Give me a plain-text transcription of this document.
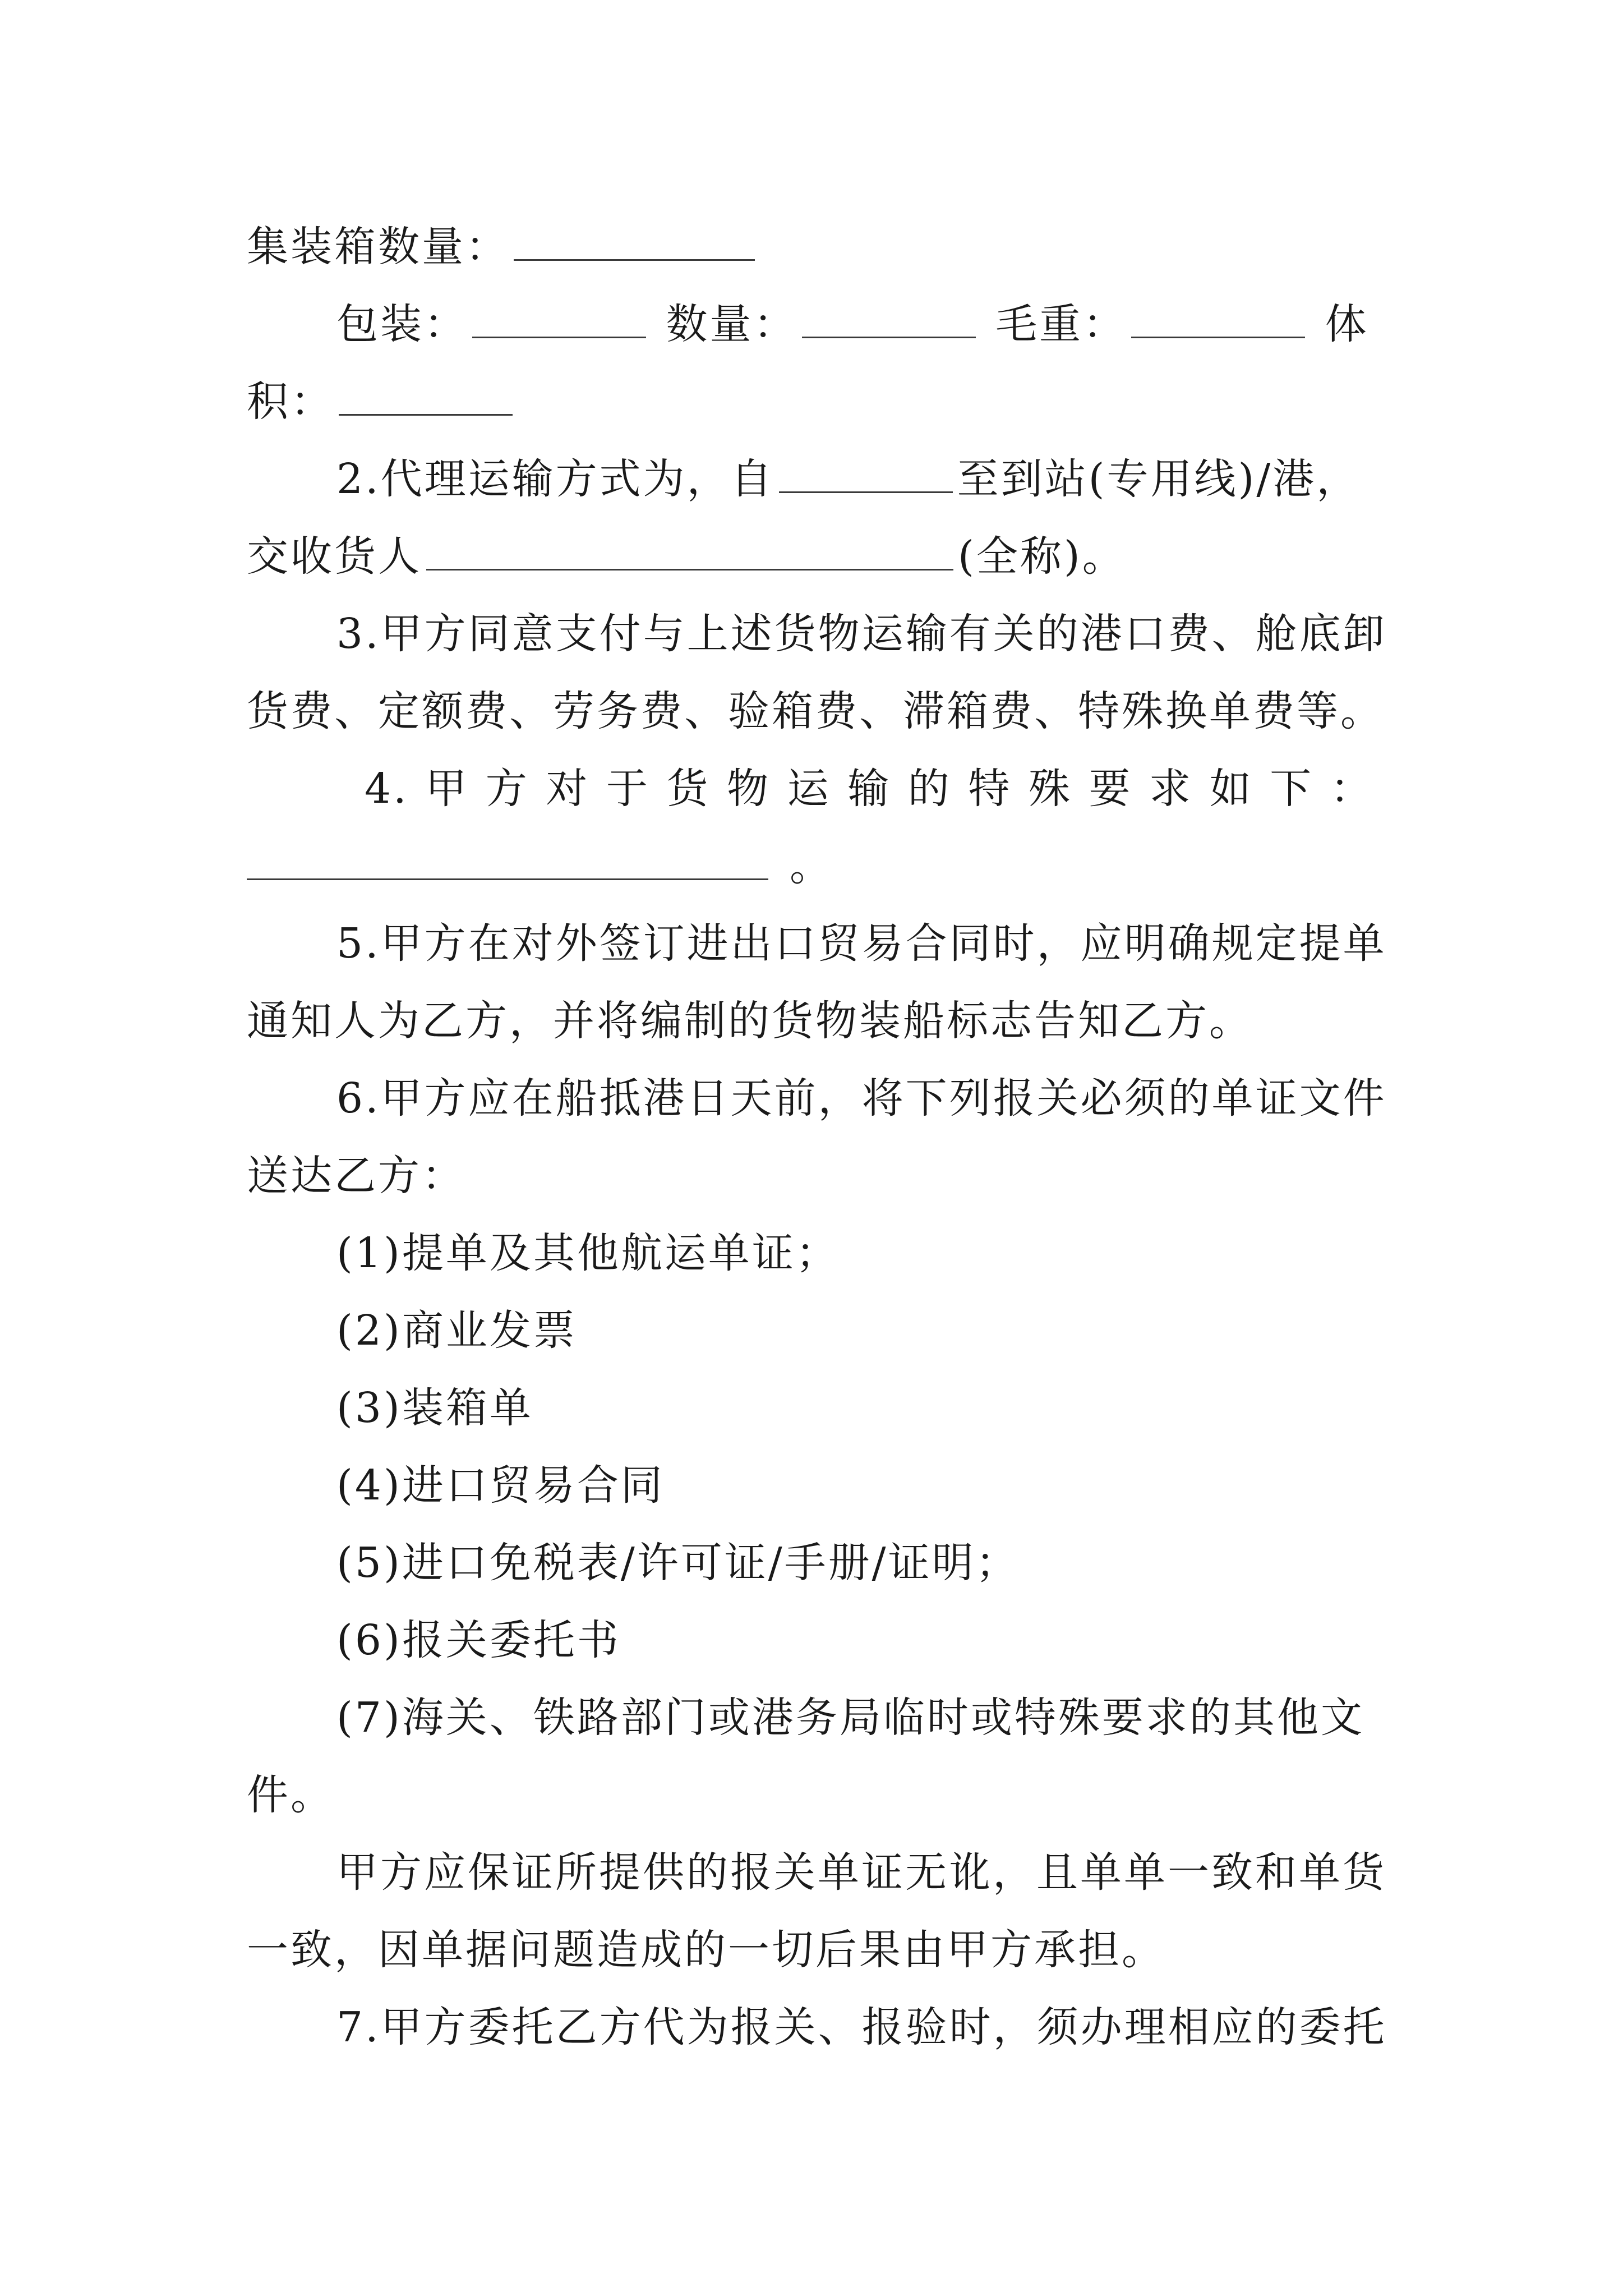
集装箱数量：
包装：	数量：	毛重：	体
积：
2.代理运输方式为，自	至到站(专用线)/港，
交收货人	(全称)。
3.甲方同意支付与上述货物运输有关的港口费、舱底卸
货费、定额费、劳务费、验箱费、滞箱费、特殊换单费等。
4. 甲 方 对 于 货 物 运 输 的 特 殊 要 求 如 下 ：
。
5.甲方在对外签订进出口贸易合同时，应明确规定提单
通知人为乙方，并将编制的货物装船标志告知乙方。
6.甲方应在船抵港日天前，将下列报关必须的单证文件
送达乙方：
(1)提单及其他航运单证；
(2)商业发票
(3)装箱单
(4)进口贸易合同
(5)进口免税表/许可证/手册/证明；
(6)报关委托书
(7)海关、铁路部门或港务局临时或特殊要求的其他文
件。
甲方应保证所提供的报关单证无讹，且单单一致和单货
一致，因单据问题造成的一切后果由甲方承担。
7.甲方委托乙方代为报关、报验时，须办理相应的委托
